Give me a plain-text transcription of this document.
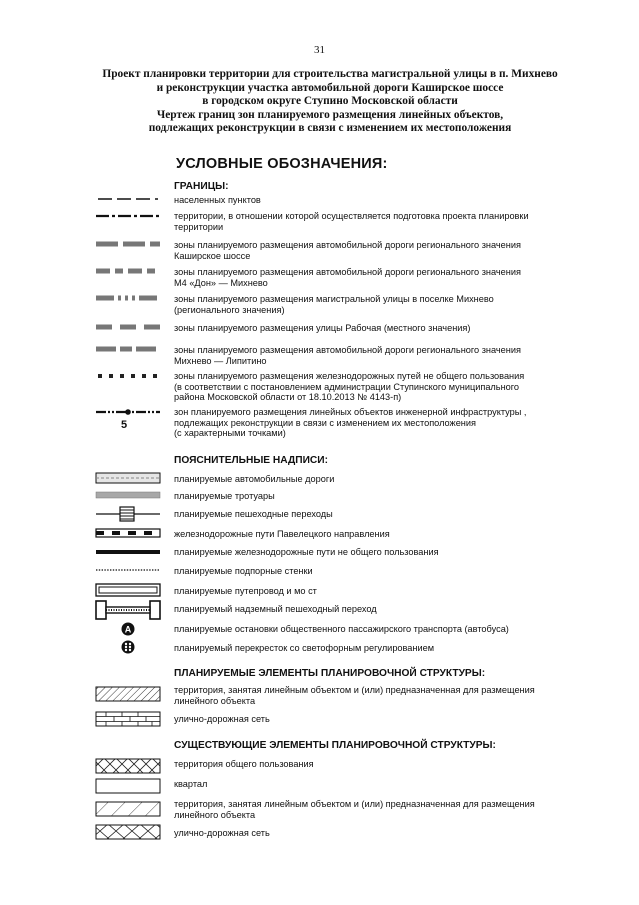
31
Проект планировки территории для строительства магистральной улицы в п. Михнево
и реконструкции участка автомобильной дороги Каширское шоссе
в городском округе Ступино Московской области
Чертеж границ зон планируемого размещения линейных объектов,
подлежащих реконструкции в связи с изменением их местоположения
УСЛОВНЫЕ ОБОЗНАЧЕНИЯ:
ГРАНИЦЫ:
населенных пунктов
территории, в отношении которой осуществляется подготовка проекта планировки
территории
зоны планируемого размещения автомобильной дороги регионального значения
Каширское шоссе
зоны планируемого размещения автомобильной дороги регионального значения
М4 «Дон» — Михнево
зоны планируемого размещения магистральной улицы в поселке Михнево
(регионального значения)
зоны планируемого размещения улицы Рабочая (местного значения)
зоны планируемого размещения автомобильной дороги регионального значения
Михнево — Липитино
зоны планируемого размещения железнодорожных путей не общего пользования
(в соответствии с постановлением администрации Ступинского муниципального
района Московской области от 18.10.2013 № 4143-п)
5
зон планируемого размещения линейных объектов инженерной инфраструктуры ,
подлежащих реконструкции в связи с изменением их местоположения
(с характерными точками)
ПОЯСНИТЕЛЬНЫЕ НАДПИСИ:
планируемые автомобильные дороги
планируемые тротуары
планируемые пешеходные переходы
железнодорожные пути Павелецкого направления
планируемые железнодорожные пути не общего пользования
планируемые подпорные стенки
планируемые путепровод и мо ст
планируемый надземный пешеходный переход
A	планируемые остановки общественного пассажирского транспорта (автобуса)
планируемый перекресток со светофорным регулированием
ПЛАНИРУЕМЫЕ ЭЛЕМЕНТЫ ПЛАНИРОВОЧНОЙ СТРУКТУРЫ:
территория, занятая линейным объектом и (или) предназначенная для размещения
линейного объекта
улично-дорожная сеть
СУЩЕСТВУЮЩИЕ ЭЛЕМЕНТЫ ПЛАНИРОВОЧНОЙ СТРУКТУРЫ:
территория общего пользования
квартал
территория, занятая линейным объектом и (или) предназначенная для размещения
линейного объекта
улично-дорожная сеть
